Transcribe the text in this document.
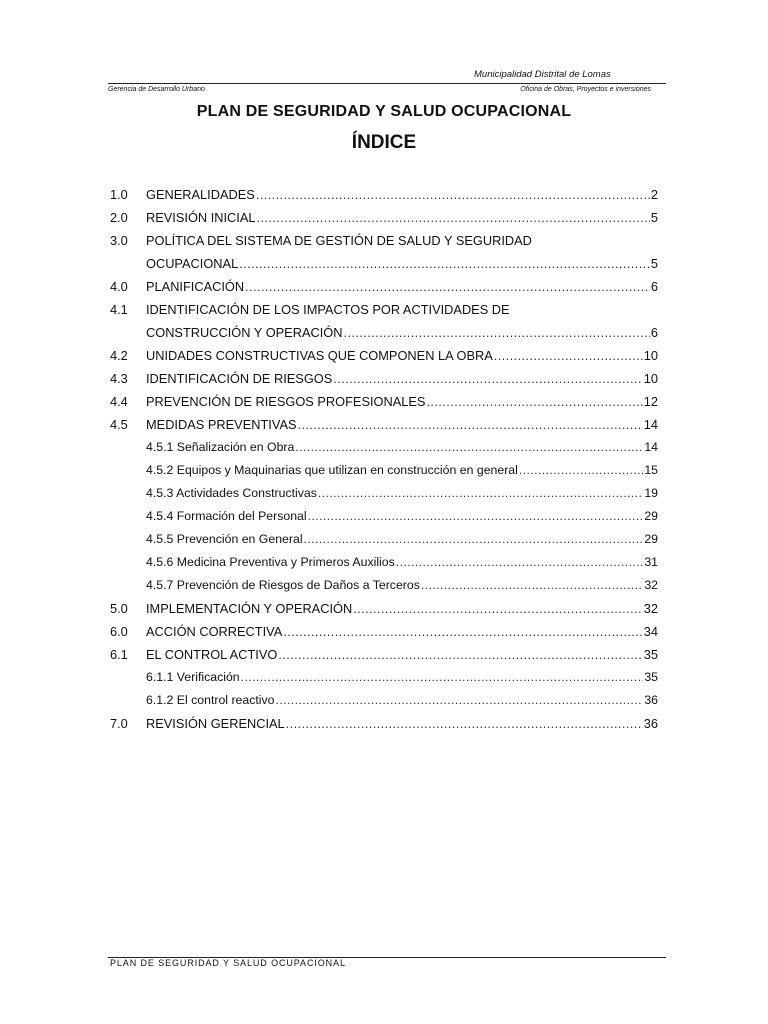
Municipalidad Distrital de Lomas
Gerencia de Desarrollo Urbano	Oficina de Obras, Proyectos e inversiones
PLAN DE SEGURIDAD Y SALUD OCUPACIONAL
ÍNDICE
1.0 GENERALIDADES .....	2
2.0 REVISIÓN INICIAL .....	5
3.0 POLÍTICA DEL SISTEMA DE GESTIÓN DE SALUD Y SEGURIDAD
OCUPACIONAL .....	5
4.0 PLANIFICACIÓN .....	6
4.1 IDENTIFICACIÓN DE LOS IMPACTOS POR ACTIVIDADES DE
CONSTRUCCIÓN Y OPERACIÓN .....	6
4.2 UNIDADES CONSTRUCTIVAS QUE COMPONEN LA OBRA .....	10
4.3 IDENTIFICACIÓN DE RIESGOS .....	10
4.4 PREVENCIÓN DE RIESGOS PROFESIONALES .....	12
4.5 MEDIDAS PREVENTIVAS .....	14
4.5.1 Señalización en Obra .....	14
4.5.2 Equipos y Maquinarias que utilizan en construcción en general .....	15
4.5.3 Actividades Constructivas .....	19
4.5.4 Formación del Personal .....	29
4.5.5 Prevención en General .....	29
4.5.6 Medicina Preventiva y Primeros Auxilios .....	31
4.5.7 Prevención de Riesgos de Daños a Terceros .....	32
5.0 IMPLEMENTACIÓN Y OPERACIÓN .....	32
6.0 ACCIÓN CORRECTIVA .....	34
6.1 EL CONTROL ACTIVO .....	35
6.1.1 Verificación .....	35
6.1.2 El control reactivo .....	36
7.0 REVISIÓN GERENCIAL .....	36
PLAN DE SEGURIDAD Y SALUD OCUPACIONAL
